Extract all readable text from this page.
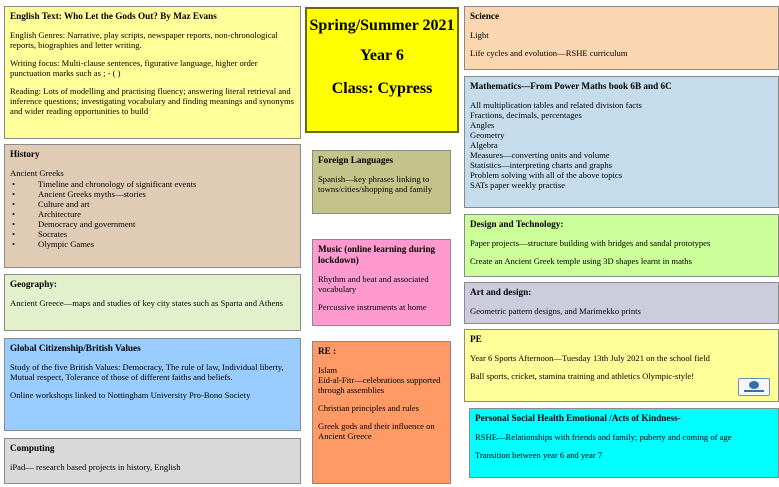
English Text: Who Let the Gods Out? By Maz Evans

English Genres: Narrative, play scripts, newspaper reports, non-chronological reports, biographies and letter writing.

Writing focus: Multi-clause sentences, figurative language, higher order punctuation marks such as ; - ( )

Reading: Lots of modelling and practising fluency; answering literal retrieval and inference questions; investigating vocabulary and finding meanings and synonyms and wider reading opportunities to build

Spring/Summer 2021
Year 6
Class: Cypress
Science

Light

Life cycles and evolution—RSHE curriculum

History
Ancient Greeks
• Timeline and chronology of significant events
• Ancient Greeks myths—stories
• Culture and art
• Architecture
• Democracy and government
• Socrates
• Olympic Games
Mathematics—From Power Maths book 6B and 6C
All multiplication tables and related division facts
Fractions, decimals, percentages
Angles
Geometry
Algebra
Measures—converting units and volume
Statistics—interpreting charts and graphs
Problem solving with all of the above topics
SATs paper weekly practise
Foreign Languages

Spanish—key phrases linking to towns/cities/shopping and family

Design and Technology:

Paper projects—structure building with bridges and sandal prototypes

Create an Ancient Greek temple using 3D shapes learnt in maths

Music (online learning during lockdown)

Rhythm and beat and associated vocabulary

Percussive instruments at home

Geography:

Ancient Greece—maps and studies of key city states such as Sparta and Athens

Art and design:

Geometric pattern designs, and Marimekko prints

PE

Year 6 Sports Afternoon—Tuesday 13th July 2021 on the school field

Ball sports, cricket, stamina training and athletics Olympic-style!

Global Citizenship/British Values

Study of the five British Values: Democracy, The rule of law, Individual liberty, Mutual respect, Tolerance of those of different faiths and beliefs.

Online workshops linked to Nottingham University Pro-Bono Society

RE :
Islam

Eid-al-Fitr—celebrations supported through assemblies

Christian principles and rules

Greek gods and their influence on Ancient Greece

Personal Social Health Emotional /Acts of Kindness-

RSHE—Relationships with friends and family; puberty and coming of age

Transition between year 6 and year 7

Computing

iPad— research based projects in history, English
